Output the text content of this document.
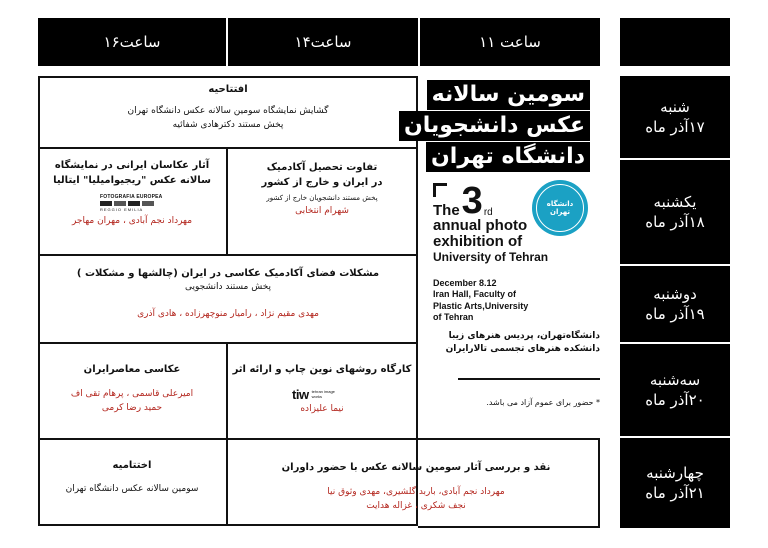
ساعت۱۶	ساعت۱۴	ساعت ۱۱
شنبه
۱۷آذر ماه
یکشنبه
۱۸آذر ماه
دوشنبه
۱۹آذر ماه
سه‌شنبه
۲۰آذر ماه
چهارشنبه
۲۱آذر ماه
افتتاحیه
گشایش نمایشگاه سومین سالانه عکس دانشگاه تهران
پخش مستند دکترهادی شفائیه
تفاوت تحصیل آکادمیک
در ایران و خارج از کشور
پخش مستند دانشجویان خارج از کشور
شهرام انتخابی
آثار عکاسان ایرانی در نمایشگاه
سالانه عکس "ریجیوامیلیا" ایتالیا
FOTOGRAFIA EUROPEA
REGGIO EMILIA
مهرداد نجم آبادی ، مهران مهاجر
مشکلات فضای آکادمیک عکاسی در ایران (چالشها و مشکلات )
پخش مستند دانشجویی
مهدی مقیم نژاد ، رامیار منوچهرزاده ، هادی آذری
کارگاه روشهای نوین چاپ و ارائه اثر
tiw tehran image works
نیما علیزاده
عکاسی معاصرایران
امیرعلی قاسمی ، پرهام تقی اف
حمید رضا کرمی
اختتامیه
سومین سالانه عکس دانشگاه تهران
نقد و بررسی آثار سومین سالانه عکس با حضور داوران
مهرداد نجم آبادی، باربد گلشیری، مهدی وثوق نیا
نجف شکری ، غزاله هدایت
سومین سالانه
عکس دانشجویان
دانشگاه تهران
دانشگاه تهران
The 3 rd
annual photo
exhibition of
University of Tehran
December 8.12
Iran Hall, Faculty of
Plastic Arts,University
of Tehran
دانشگاه‌تهران، پردیس هنرهای زیبا
دانشکده هنرهای تجسمی تالارایران
* حضور برای عموم آزاد می باشد.
